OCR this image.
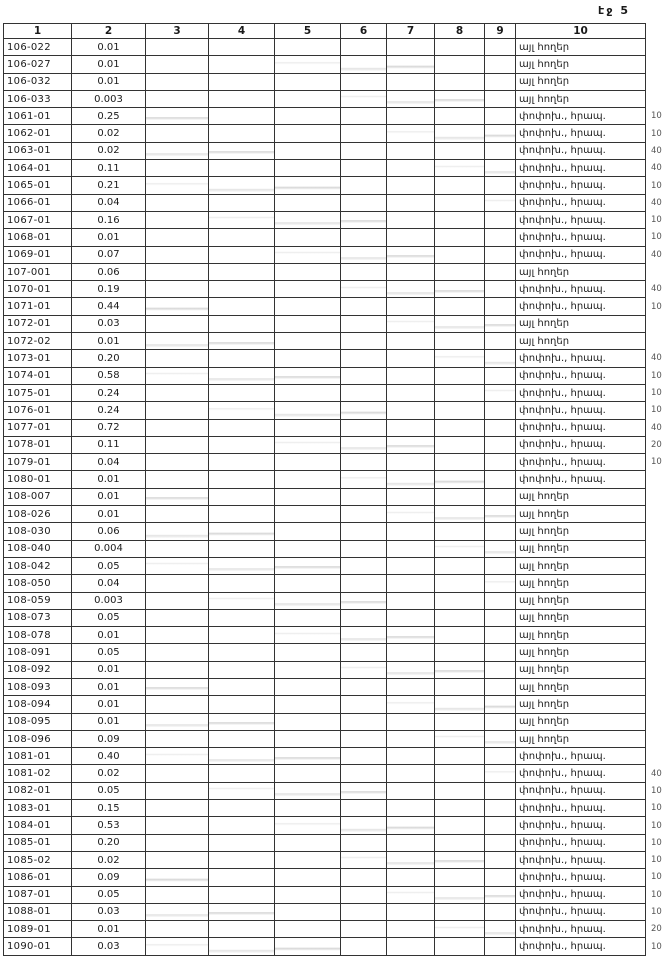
էջ 5
1	2	3	4	5	6	7	8	9	10	
106-022	0.01								այլ հողեր	
106-027	0.01								այլ հողեր	
106-032	0.01								այլ հողեր	
106-033	0.003								այլ հողեր	
1061-01	0.25								փոփոխ., հրապ.	10
1062-01	0.02								փոփոխ., հրապ.	10
1063-01	0.02								փոփոխ., հրապ.	40
1064-01	0.11								փոփոխ., հրապ.	40
1065-01	0.21								փոփոխ., հրապ.	10
1066-01	0.04								փոփոխ., հրապ.	40
1067-01	0.16								փոփոխ., հրապ.	10
1068-01	0.01								փոփոխ., հրապ.	10
1069-01	0.07								փոփոխ., հրապ.	40
107-001	0.06								այլ հողեր	
1070-01	0.19								փոփոխ., հրապ.	40
1071-01	0.44								փոփոխ., հրապ.	10
1072-01	0.03								այլ հողեր	
1072-02	0.01								այլ հողեր	
1073-01	0.20								փոփոխ., հրապ.	40
1074-01	0.58								փոփոխ., հրապ.	10
1075-01	0.24								փոփոխ., հրապ.	10
1076-01	0.24								փոփոխ., հրապ.	10
1077-01	0.72								փոփոխ., հրապ.	40
1078-01	0.11								փոփոխ., հրապ.	20
1079-01	0.04								փոփոխ., հրապ.	10
1080-01	0.01								փոփոխ., հրապ.	
108-007	0.01								այլ հողեր	
108-026	0.01								այլ հողեր	
108-030	0.06								այլ հողեր	
108-040	0.004								այլ հողեր	
108-042	0.05								այլ հողեր	
108-050	0.04								այլ հողեր	
108-059	0.003								այլ հողեր	
108-073	0.05								այլ հողեր	
108-078	0.01								այլ հողեր	
108-091	0.05								այլ հողեր	
108-092	0.01								այլ հողեր	
108-093	0.01								այլ հողեր	
108-094	0.01								այլ հողեր	
108-095	0.01								այլ հողեր	
108-096	0.09								այլ հողեր	
1081-01	0.40								փոփոխ., հրապ.	
1081-02	0.02								փոփոխ., հրապ.	40
1082-01	0.05								փոփոխ., հրապ.	10
1083-01	0.15								փոփոխ., հրապ.	10
1084-01	0.53								փոփոխ., հրապ.	10
1085-01	0.20								փոփոխ., հրապ.	10
1085-02	0.02								փոփոխ., հրապ.	10
1086-01	0.09								փոփոխ., հրապ.	10
1087-01	0.05								փոփոխ., հրապ.	10
1088-01	0.03								փոփոխ., հրապ.	10
1089-01	0.01								փոփոխ., հրապ.	20
1090-01	0.03								փոփոխ., հրապ.	10
